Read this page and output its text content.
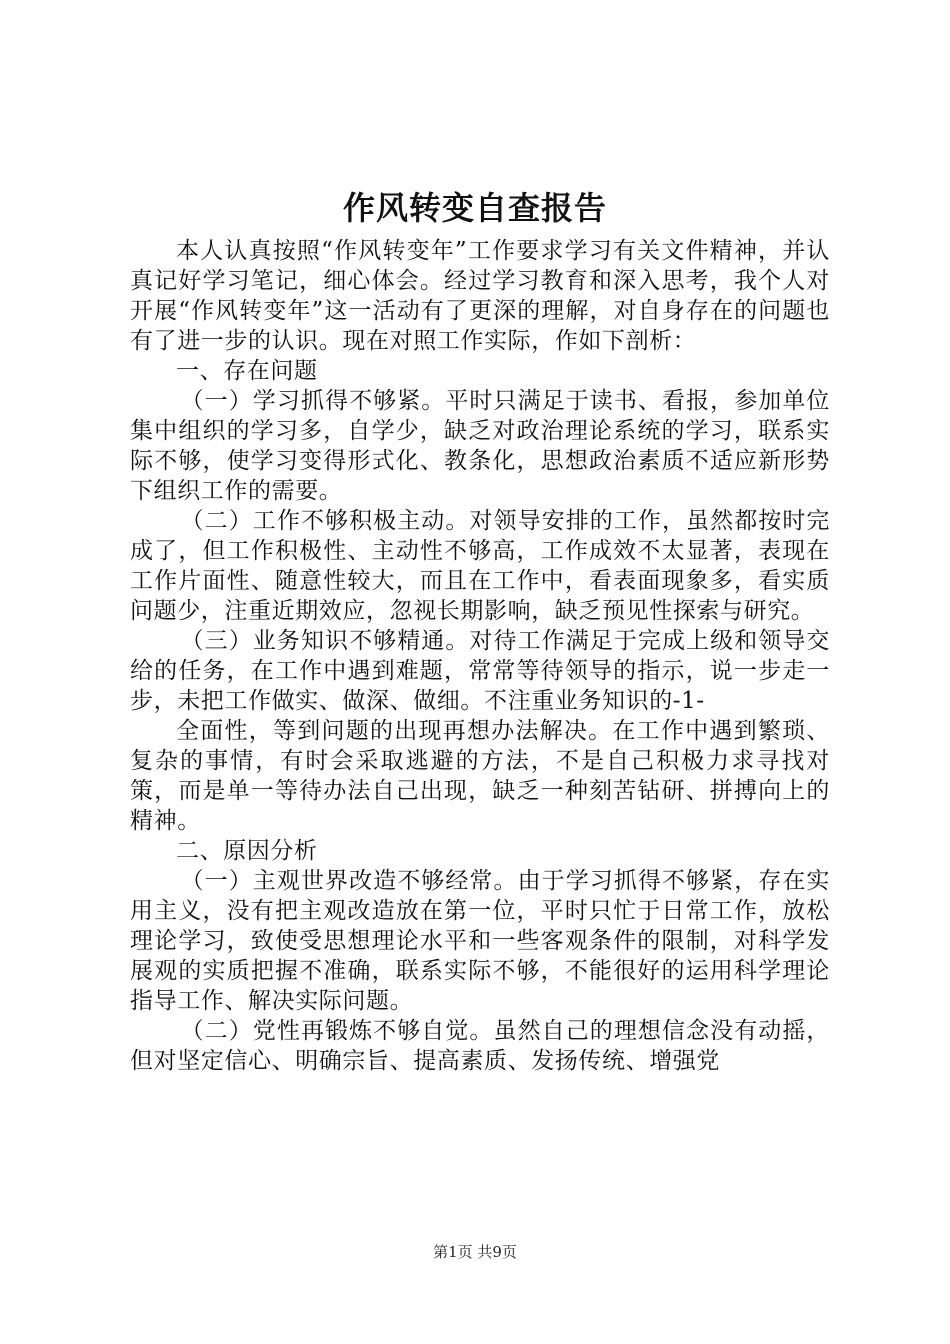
作风转变自查报告

本人认真按照“作风转变年”工作要求学习有关文件精神，并认真记好学习笔记，细心体会。经过学习教育和深入思考，我个人对开展“作风转变年”这一活动有了更深的理解，对自身存在的问题也有了进一步的认识。现在对照工作实际，作如下剖析：

一、存在问题

（一）学习抓得不够紧。平时只满足于读书、看报，参加单位集中组织的学习多，自学少，缺乏对政治理论系统的学习，联系实际不够，使学习变得形式化、教条化，思想政治素质不适应新形势下组织工作的需要。

（二）工作不够积极主动。对领导安排的工作，虽然都按时完成了，但工作积极性、主动性不够高，工作成效不太显著，表现在工作片面性、随意性较大，而且在工作中，看表面现象多，看实质问题少，注重近期效应，忽视长期影响，缺乏预见性探索与研究。

（三）业务知识不够精通。对待工作满足于完成上级和领导交给的任务，在工作中遇到难题，常常等待领导的指示，说一步走一步，未把工作做实、做深、做细。不注重业务知识的-1-

全面性，等到问题的出现再想办法解决。在工作中遇到繁琐、复杂的事情，有时会采取逃避的方法，不是自己积极力求寻找对策，而是单一等待办法自己出现，缺乏一种刻苦钻研、拼搏向上的精神。

二、原因分析

（一）主观世界改造不够经常。由于学习抓得不够紧，存在实用主义，没有把主观改造放在第一位，平时只忙于日常工作，放松理论学习，致使受思想理论水平和一些客观条件的限制，对科学发展观的实质把握不准确，联系实际不够，不能很好的运用科学理论指导工作、解决实际问题。

（二）党性再锻炼不够自觉。虽然自己的理想信念没有动摇，但对坚定信心、明确宗旨、提高素质、发扬传统、增强党

第1页 共9页
